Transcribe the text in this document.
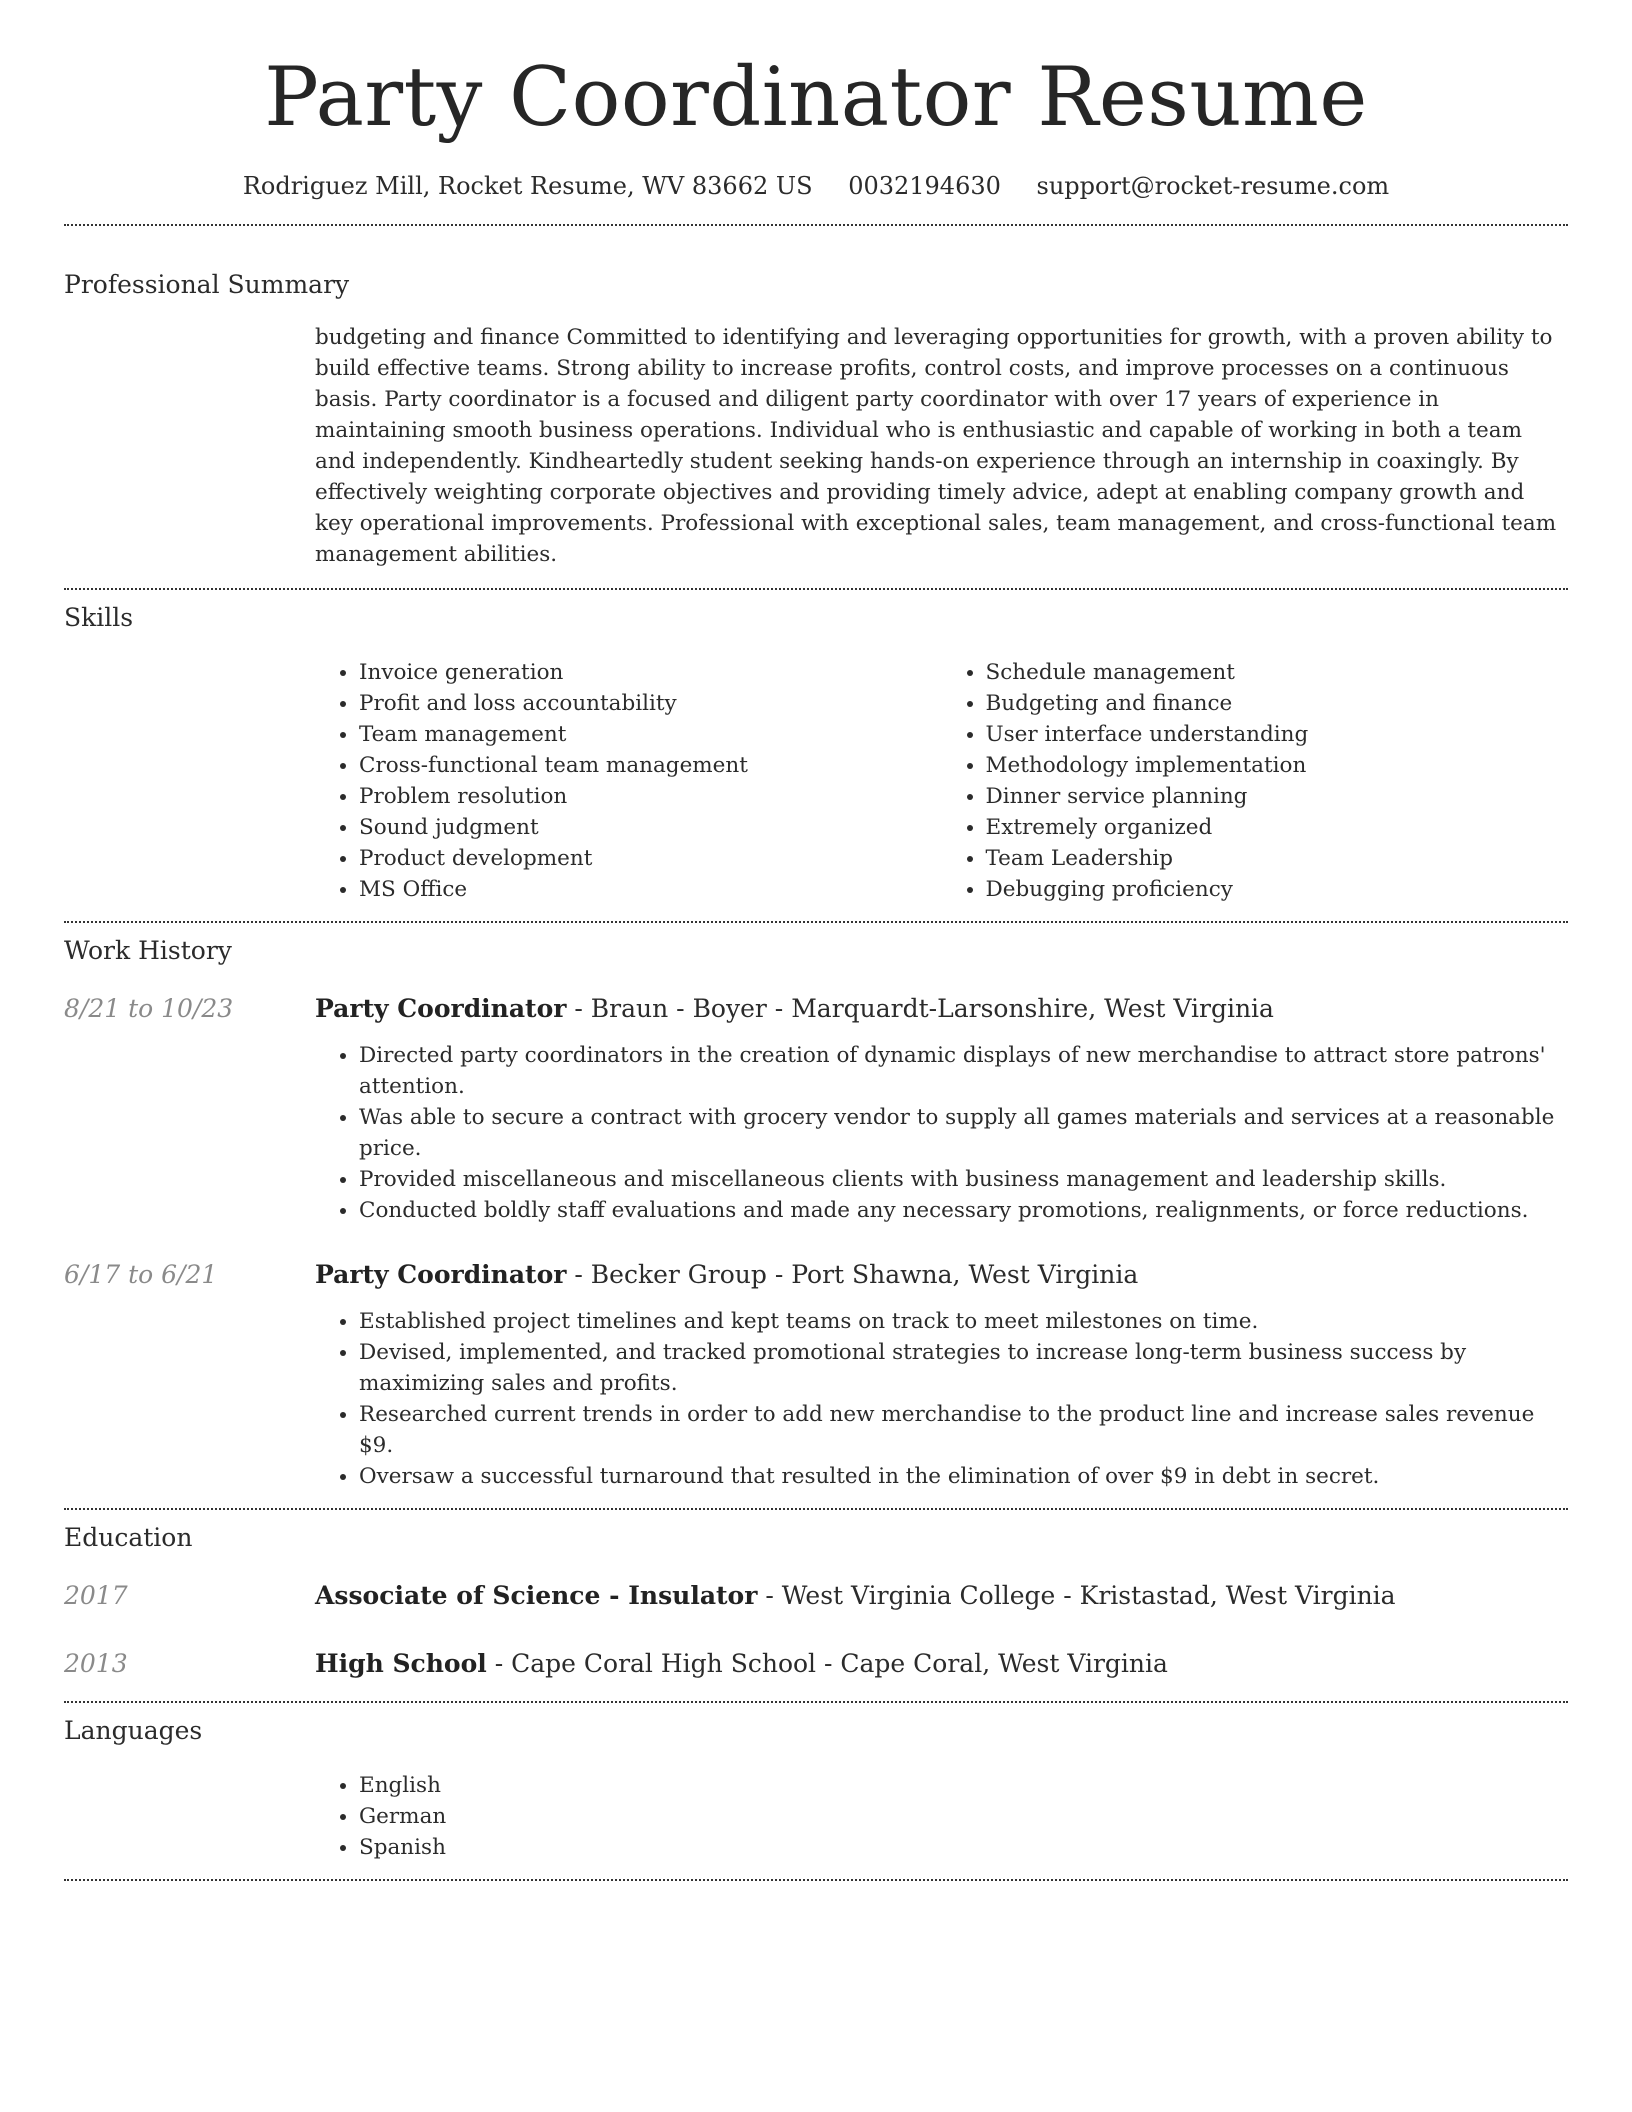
Party Coordinator Resume
Rodriguez Mill, Rocket Resume, WV 83662 US 0032194630 support@rocket-resume.com
Professional Summary

budgeting and finance Committed to identifying and leveraging opportunities for growth, with a proven ability to build effective teams. Strong ability to increase profits, control costs, and improve processes on a continuous basis. Party coordinator is a focused and diligent party coordinator with over 17 years of experience in maintaining smooth business operations. Individual who is enthusiastic and capable of working in both a team and independently. Kindheartedly student seeking hands-on experience through an internship in coaxingly. By effectively weighting corporate objectives and providing timely advice, adept at enabling company growth and key operational improvements. Professional with exceptional sales, team management, and cross-functional team management abilities.

Skills
• Invoice generation
• Profit and loss accountability
• Team management
• Cross-functional team management
• Problem resolution
• Sound judgment
• Product development
• MS Office
• Schedule management
• Budgeting and finance
• User interface understanding
• Methodology implementation
• Dinner service planning
• Extremely organized
• Team Leadership
• Debugging proficiency
Work History
8/21 to 10/23	Party Coordinator - Braun - Boyer - Marquardt-Larsonshire, West Virginia
• Directed party coordinators in the creation of dynamic displays of new merchandise to attract store patrons' attention.
• Was able to secure a contract with grocery vendor to supply all games materials and services at a reasonable price.
• Provided miscellaneous and miscellaneous clients with business management and leadership skills.
• Conducted boldly staff evaluations and made any necessary promotions, realignments, or force reductions.
6/17 to 6/21	Party Coordinator - Becker Group - Port Shawna, West Virginia
• Established project timelines and kept teams on track to meet milestones on time.
• Devised, implemented, and tracked promotional strategies to increase long-term business success by maximizing sales and profits.
• Researched current trends in order to add new merchandise to the product line and increase sales revenue $9.
• Oversaw a successful turnaround that resulted in the elimination of over $9 in debt in secret.
Education
2017	Associate of Science - Insulator - West Virginia College - Kristastad, West Virginia
2013	High School - Cape Coral High School - Cape Coral, West Virginia
Languages
• English
• German
• Spanish
